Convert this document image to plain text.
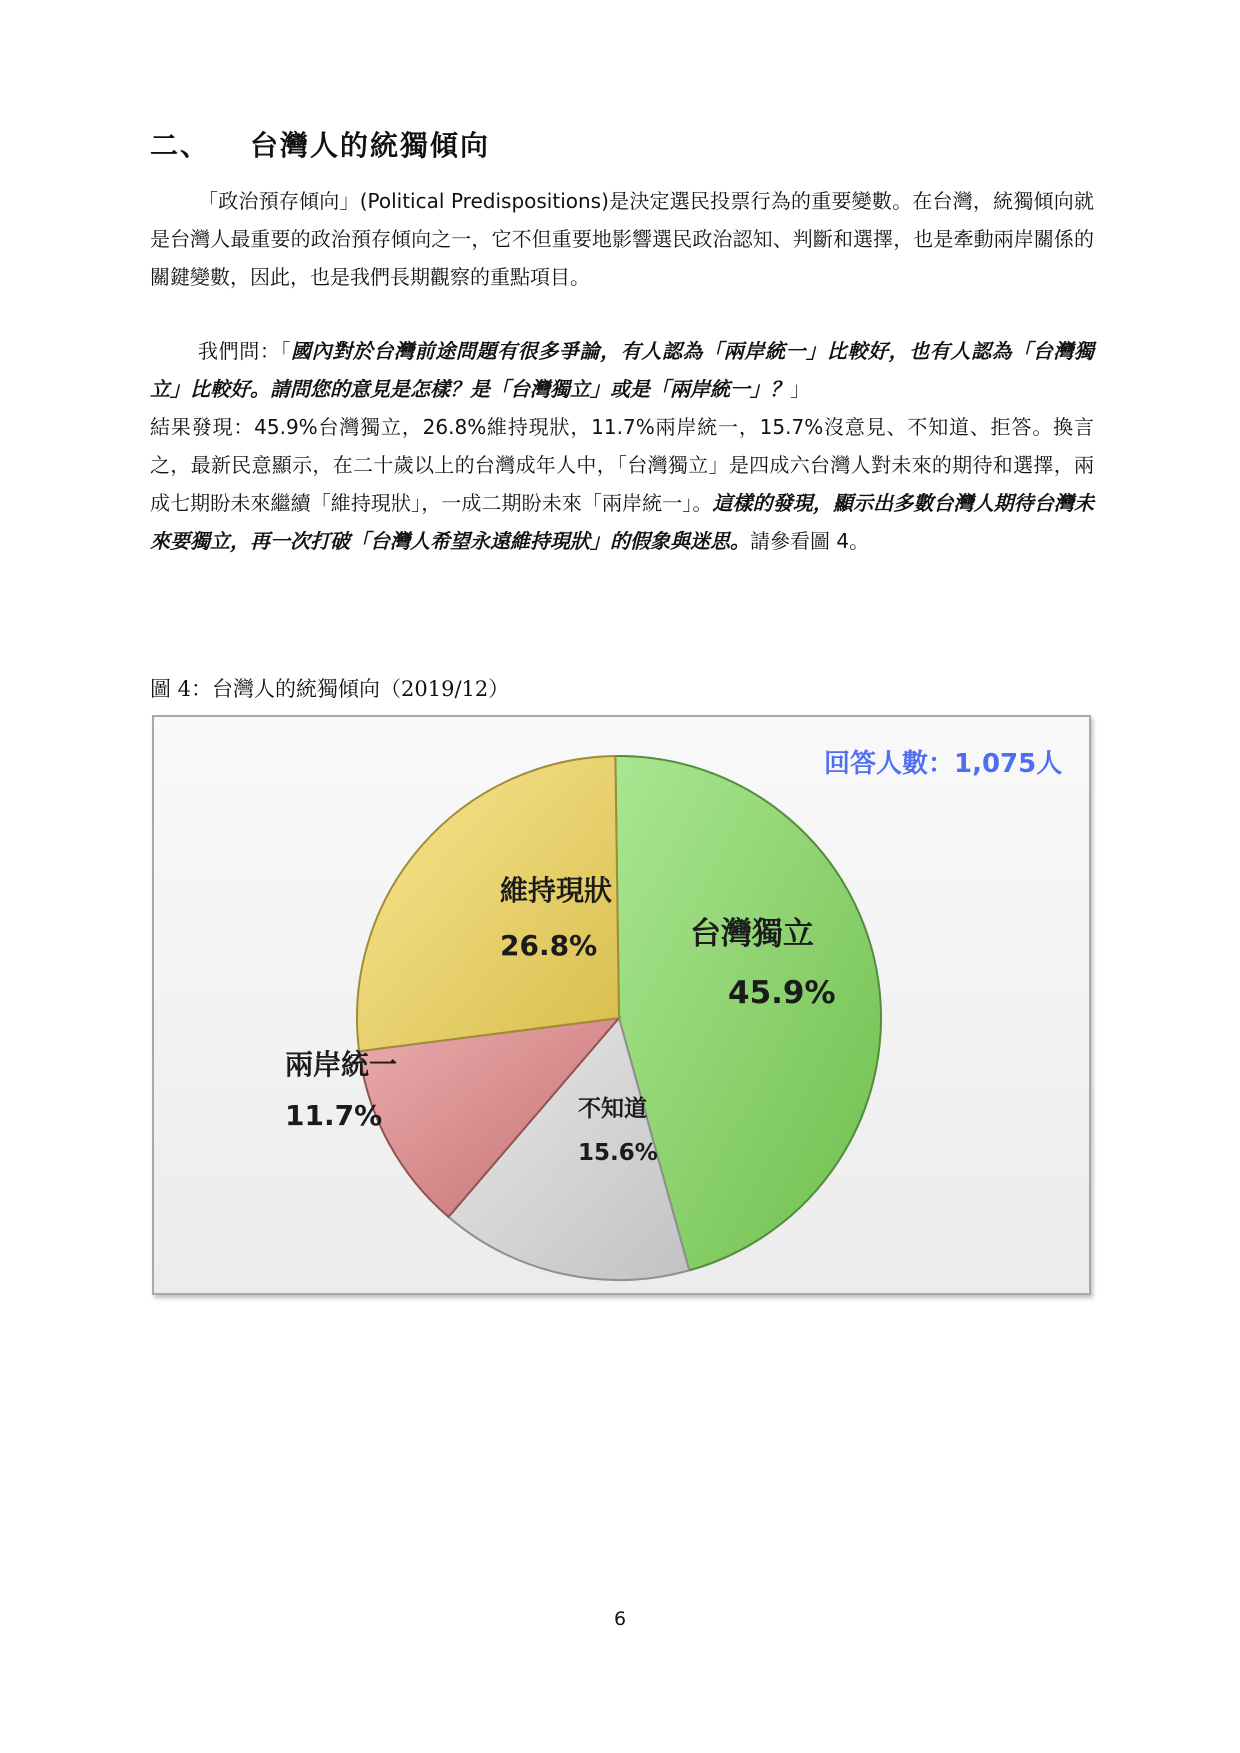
二、 台灣人的統獨傾向

「政治預存傾向」(Political Predispositions)是決定選民投票行為的重要變數。在台灣，統獨傾向就是台灣人最重要的政治預存傾向之一，它不但重要地影響選民政治認知、判斷和選擇，也是牽動兩岸關係的關鍵變數，因此，也是我們長期觀察的重點項目。

我們問：「國內對於台灣前途問題有很多爭論，有人認為「兩岸統一」比較好，也有人認為「台灣獨立」比較好。請問您的意見是怎樣？是「台灣獨立」或是「兩岸統一」？」
結果發現：45.9%台灣獨立，26.8%維持現狀，11.7%兩岸統一，15.7%沒意見、不知道、拒答。換言之，最新民意顯示，在二十歲以上的台灣成年人中，「台灣獨立」是四成六台灣人對未來的期待和選擇，兩成七期盼未來繼續「維持現狀」，一成二期盼未來「兩岸統一」。這樣的發現，顯示出多數台灣人期待台灣未來要獨立，再一次打破「台灣人希望永遠維持現狀」的假象與迷思。請參看圖 4。

圖 4：台灣人的統獨傾向（2019/12）
台灣獨立
45.9%
不知道
15.6%
兩岸統一
11.7%
維持現狀
26.8%
回答人數：1,075人
6
